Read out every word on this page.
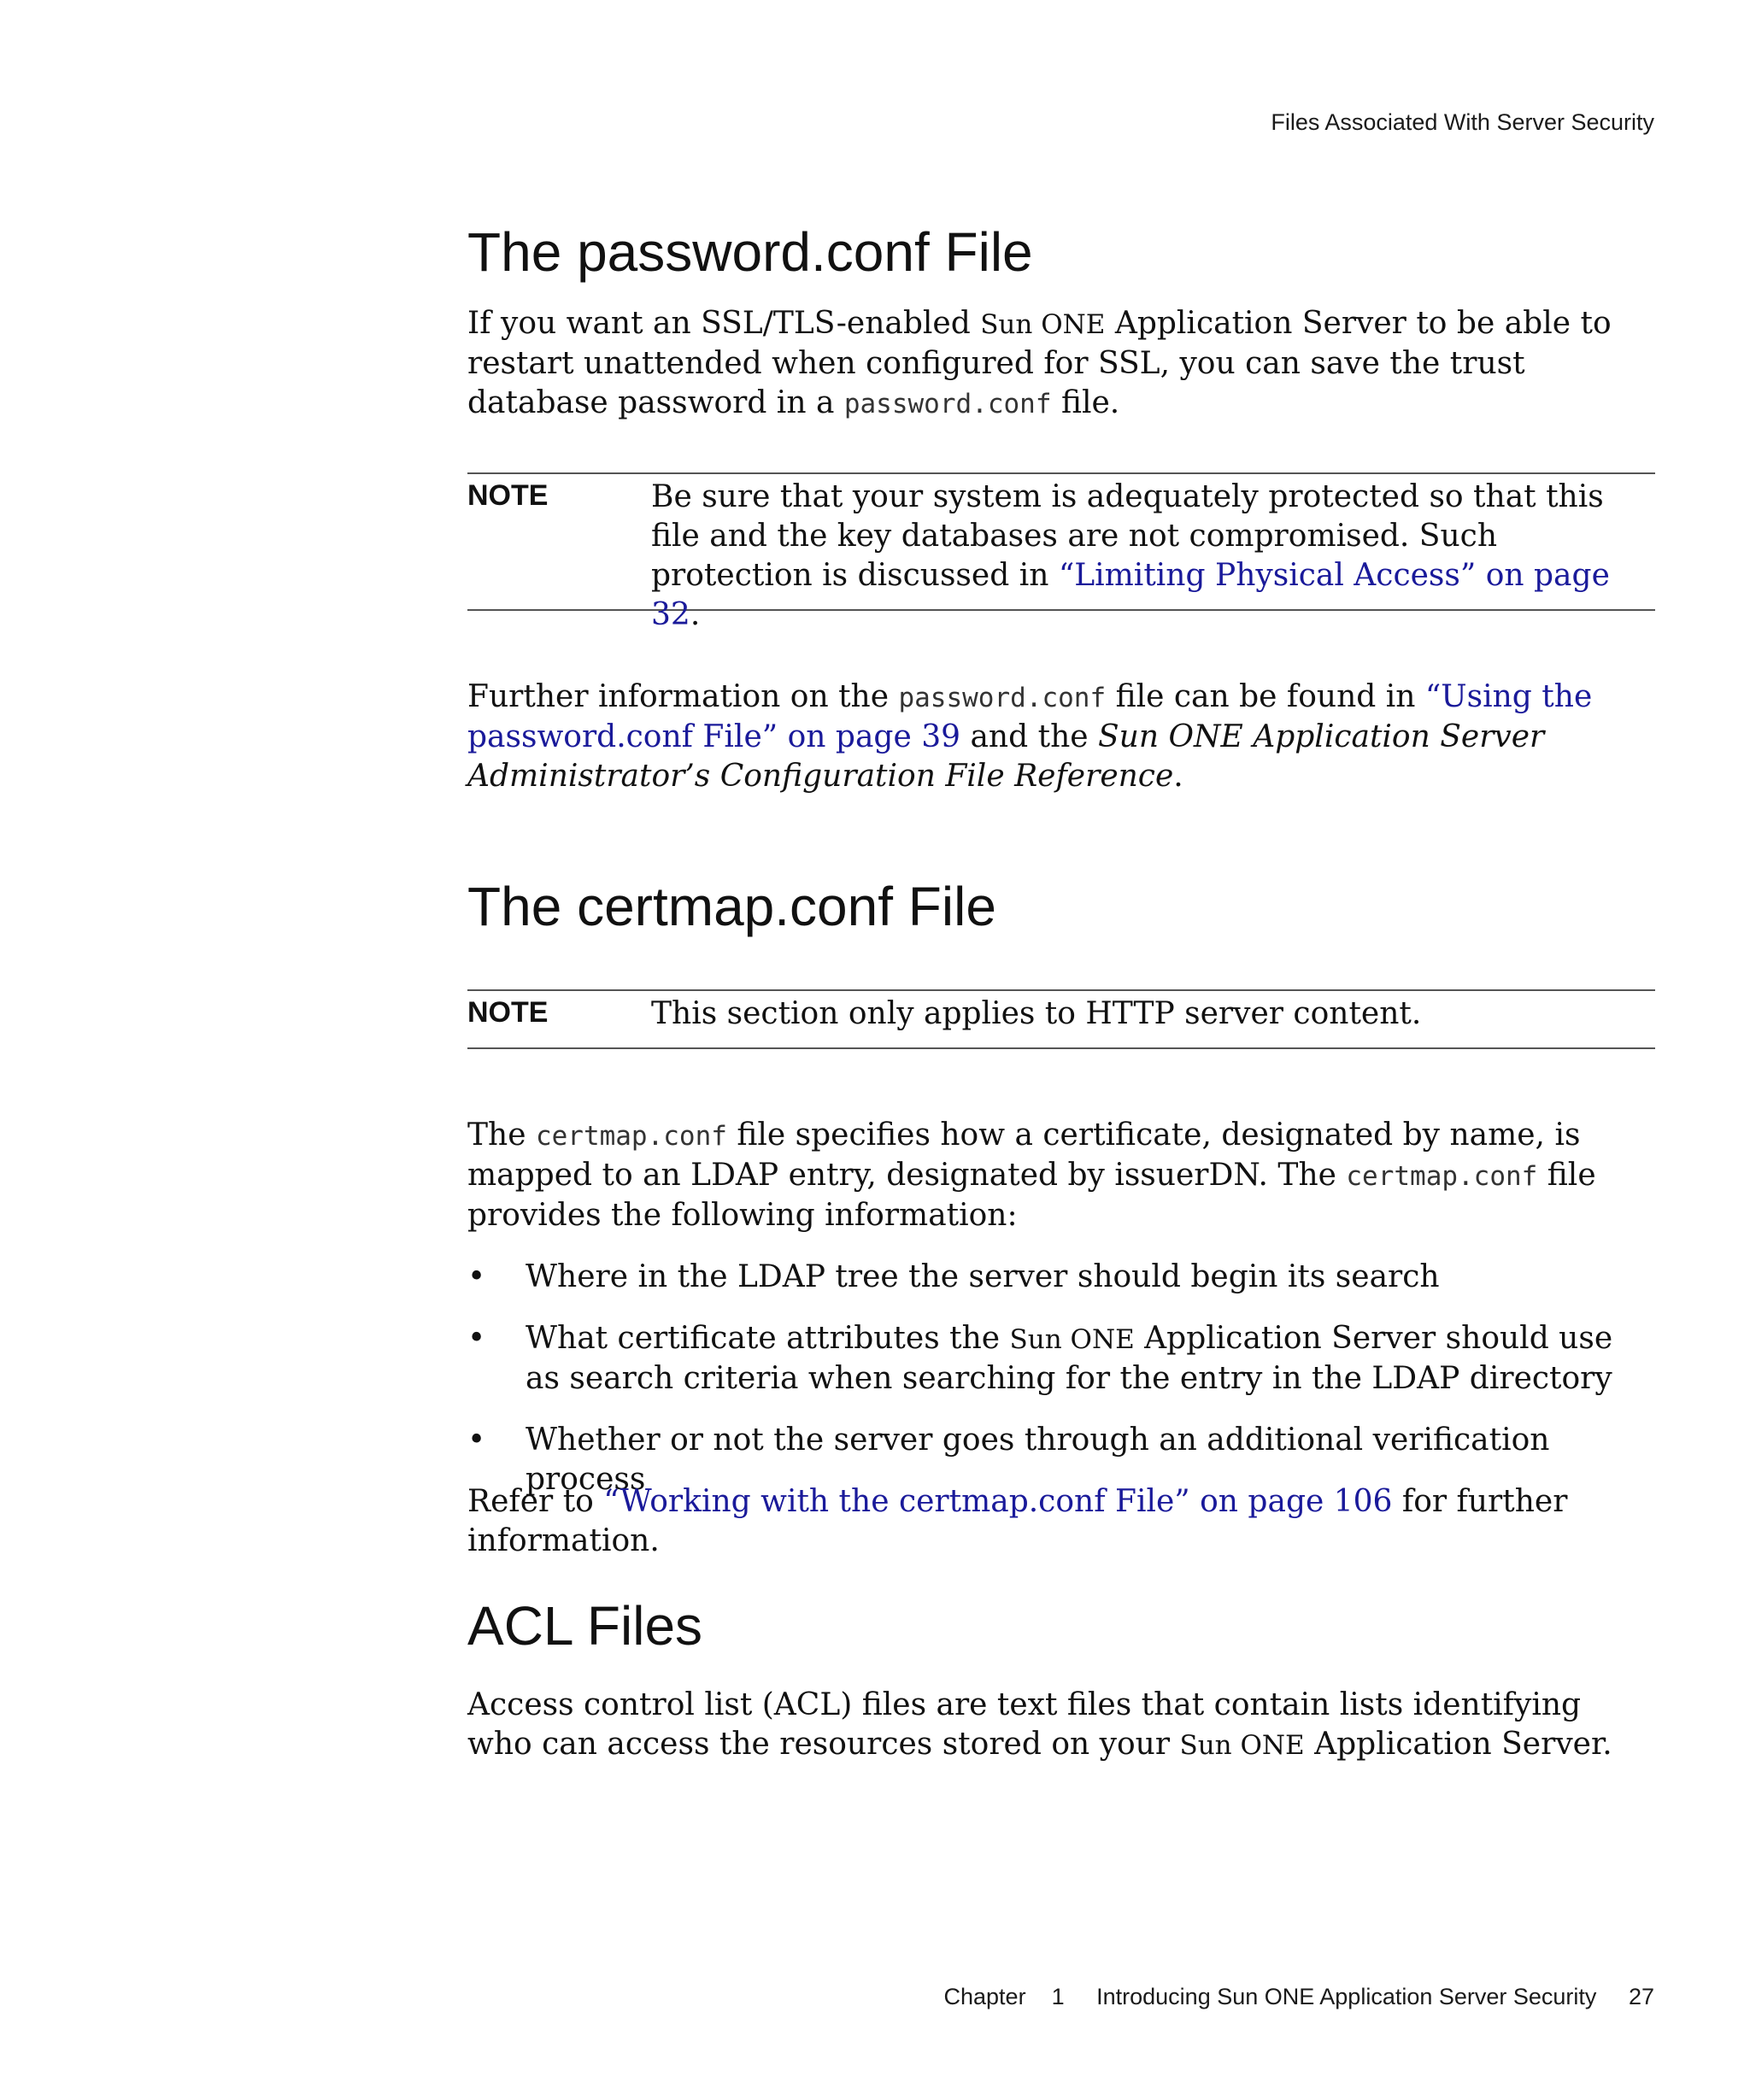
Files Associated With Server Security
The password.conf File

If you want an SSL/TLS-enabled Sun ONE Application Server to be able to restart unattended when configured for SSL, you can save the trust database password in a password.conf file.

NOTE	Be sure that your system is adequately protected so that this file and the key databases are not compromised. Such protection is discussed in “Limiting Physical Access” on page 32.

Further information on the password.conf file can be found in “Using the password.conf File” on page 39 and the Sun ONE Application Server Administrator’s Configuration File Reference.

The certmap.conf File
NOTE	This section only applies to HTTP server content.

The certmap.conf file specifies how a certificate, designated by name, is mapped to an LDAP entry, designated by issuerDN. The certmap.conf file provides the following information:

• Where in the LDAP tree the server should begin its search
• What certificate attributes the Sun ONE Application Server should use as search criteria when searching for the entry in the LDAP directory
• Whether or not the server goes through an additional verification process

Refer to “Working with the certmap.conf File” on page 106 for further information.

ACL Files

Access control list (ACL) files are text files that contain lists identifying who can access the resources stored on your Sun ONE Application Server.

Chapter 1 Introducing Sun ONE Application Server Security 27
